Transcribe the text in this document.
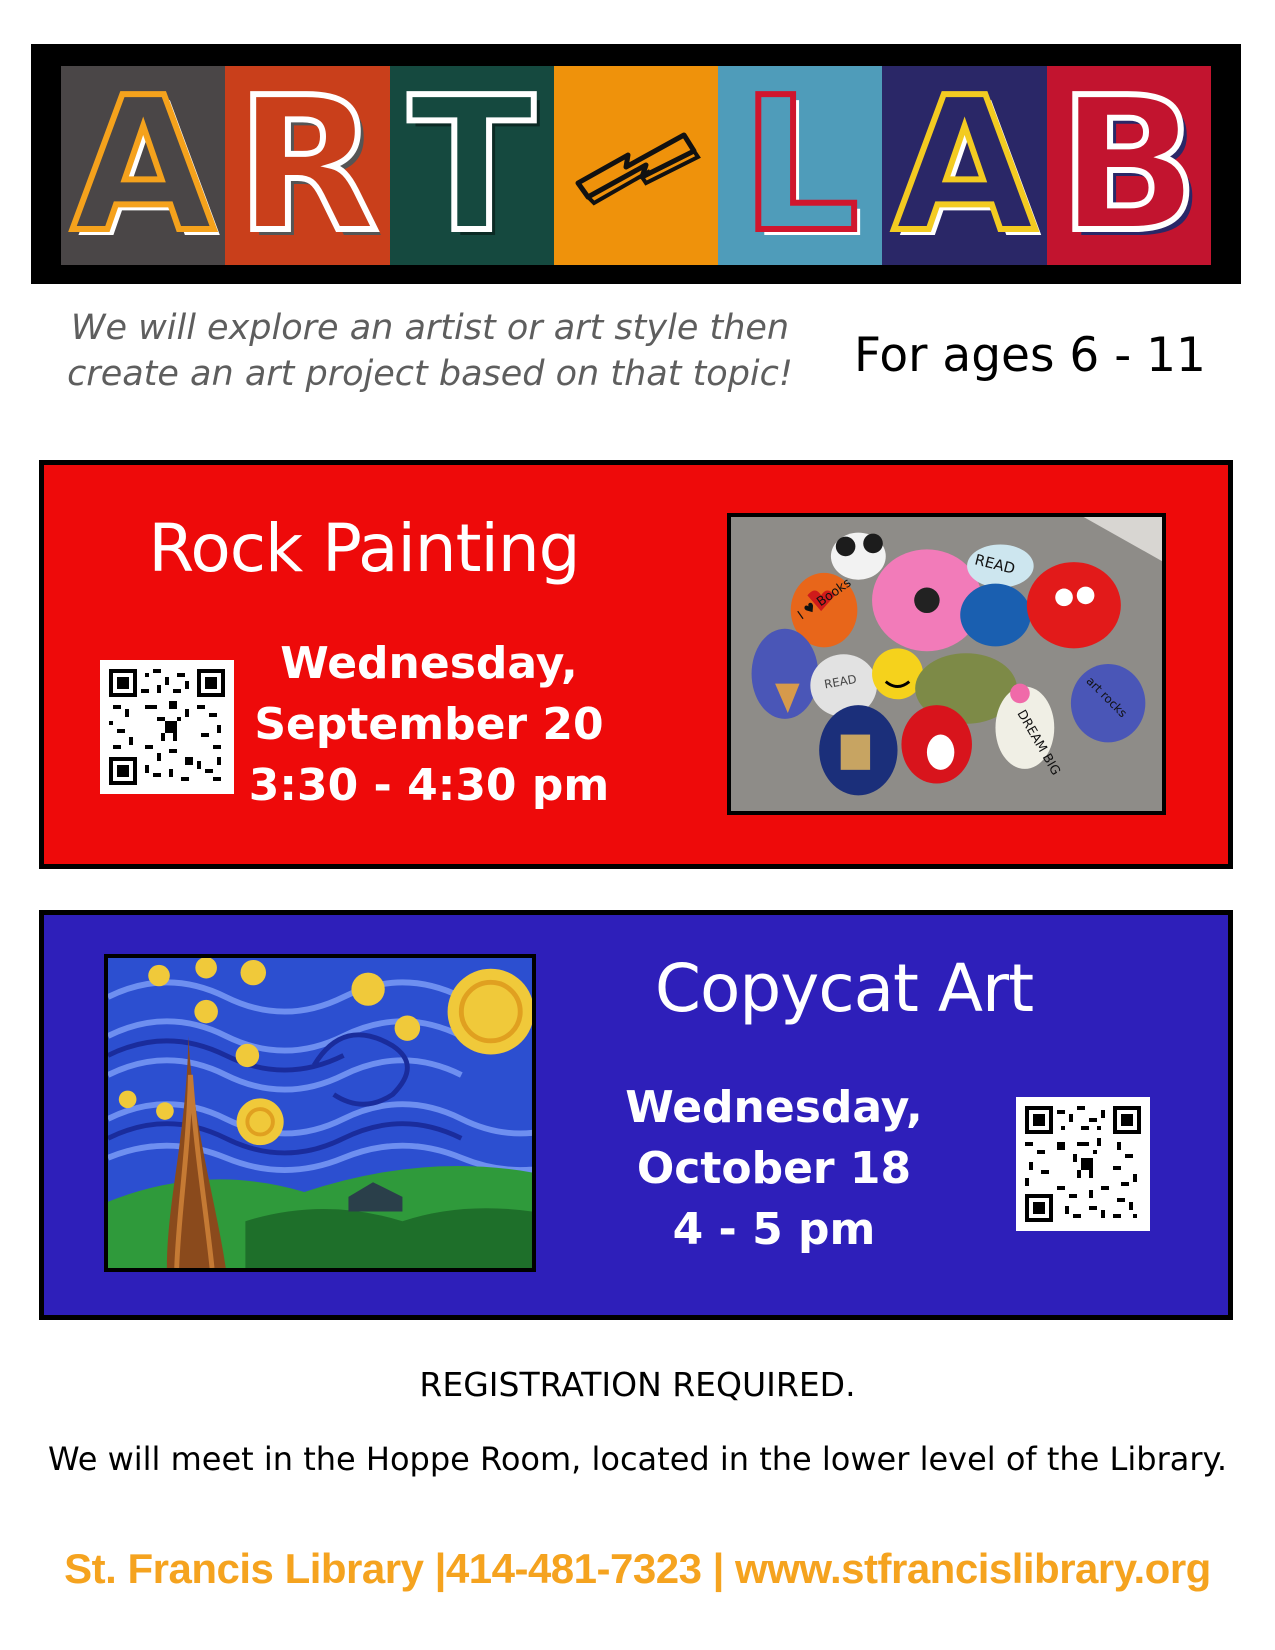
A R T L A B
We will explore an artist or art style then
create an art project based on that topic! For ages 6 - 11
Rock Painting
Wednesday,
September 20
3:30 - 4:30 pm
READ
I ♥ Books
READ
DREAM BIG
art rocks
Copycat Art
Wednesday,
October 18
4 - 5 pm
REGISTRATION REQUIRED.
We will meet in the Hoppe Room, located in the lower level of the Library.
St. Francis Library |414-481-7323 | www.stfrancislibrary.org
